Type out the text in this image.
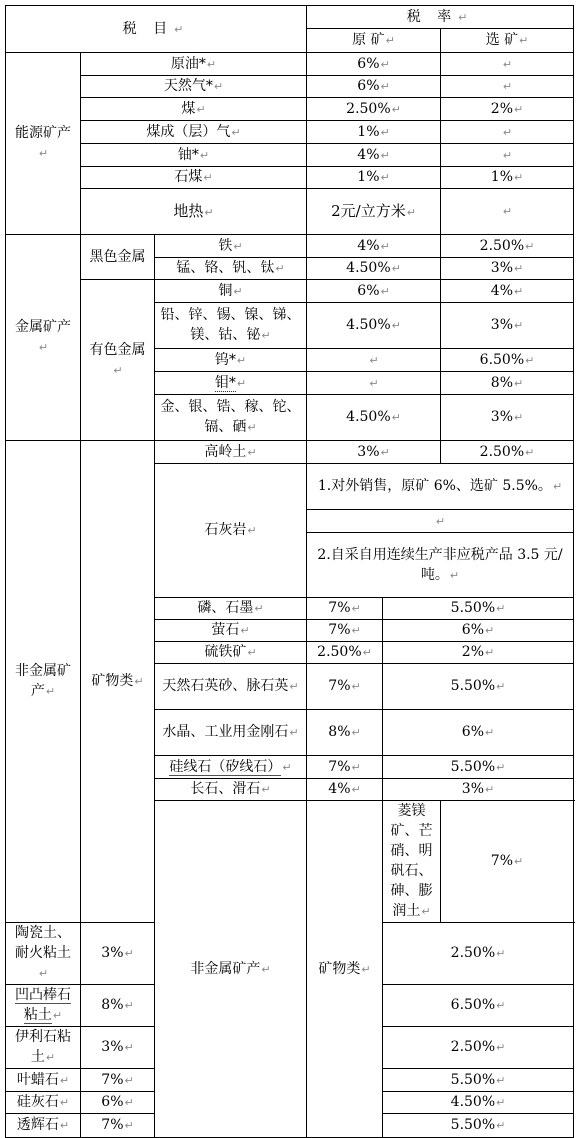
税 目↵			税 率↵			
			原 矿↵		选 矿↵	
能源矿产↵	原油*↵		6%↵		↵	
	天然气*↵		6%↵		↵	
	煤↵		2.50%↵		2%↵	
	煤成（层）气↵		1%↵		↵	
	铀*↵		4%↵		↵	
	石煤↵		1%↵		1%↵	
	地热↵		2元/立方米↵		↵	
金属矿产↵	黑色金属	铁↵	4%↵		2.50%↵	
		锰、铬、钒、钛↵	4.50%↵		3%↵	
	有色金属↵	铜↵	6%↵		4%↵	
		铅、锌、锡、镍、锑、镁、钴、铋↵	4.50%↵		3%↵	
		钨*↵	↵		6.50%↵	
		钼*↵	↵		8%↵	
		金、银、锆、稼、铊、镉、硒↵	4.50%↵		3%↵	
非金属矿产↵	矿物类↵	高岭土↵	3%↵		2.50%↵	
		石灰岩↵	1.对外销售，原矿 6%、选矿 5.5%。↵			
			↵			
			2.自采自用连续生产非应税产品 3.5 元/吨。↵			
		磷、石墨↵	7%↵	5.50%↵		
		萤石↵	7%↵	6%↵		
		硫铁矿↵	2.50%↵	2%↵		
		天然石英砂、脉石英↵	7%↵	5.50%↵		
		水晶、工业用金刚石↵	8%↵	6%↵		
		硅线石（矽线石）↵	7%↵	5.50%↵		
		长石、滑石↵	4%↵	3%↵		
		非金属矿产↵	矿物类↵	菱镁矿、芒硝、明矾石、砷、膨润土↵	7%↵	
陶瓷土、耐火粘土↵	3%↵			2.50%↵		
凹凸棒石粘土↵	8%↵			6.50%↵		
伊利石粘土↵	3%↵			2.50%↵		
叶蜡石↵	7%↵			5.50%↵		
硅灰石↵	6%↵			4.50%↵		
透辉石↵	7%↵			5.50%↵		
